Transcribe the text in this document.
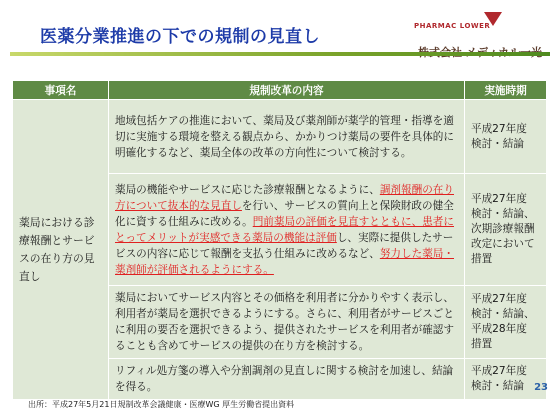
医薬分業推進の下での規制の見直し
PHARMAC LOWER
事項名	規制改革の内容	実施時期
薬局における診療報酬とサービスの在り方の見直し	地域包括ケアの推進において、薬局及び薬剤師が薬学的管理・指導を適切に実施する環境を整える観点から、かかりつけ薬局の要件を具体的に明確化するなど、薬局全体の改革の方向性について検討する。	平成27年度
検討・結論

	薬局の機能やサービスに応じた診療報酬となるように、調剤報酬の在り方について抜本的な見直しを行い、サービスの質向上と保険財政の健全化に資する仕組みに改める。門前薬局の評価を見直すとともに、患者にとってメリットが実感できる薬局の機能は評価し、実際に提供したサービスの内容に応じて報酬を支払う仕組みに改めるなど、努力した薬局・薬剤師が評価されるようにする。	平成27年度
検討・結論、
次期診療報酬
改定において
措置

	薬局においてサービス内容とその価格を利用者に分かりやすく表示し、利用者が薬局を選択できるようにする。さらに、利用者がサービスごとに利用の要否を選択できるよう、提供されたサービスを利用者が確認することも含めてサービスの提供の在り方を検討する。	平成27年度
検討・結論、
平成28年度
措置

	リフィル処方箋の導入や分割調剤の見直しに関する検討を加速し、結論を得る。	平成27年度
検討・結論	23
出所：平成27年5月21日規制改革会議健康・医療WG 厚生労働省提出資料
